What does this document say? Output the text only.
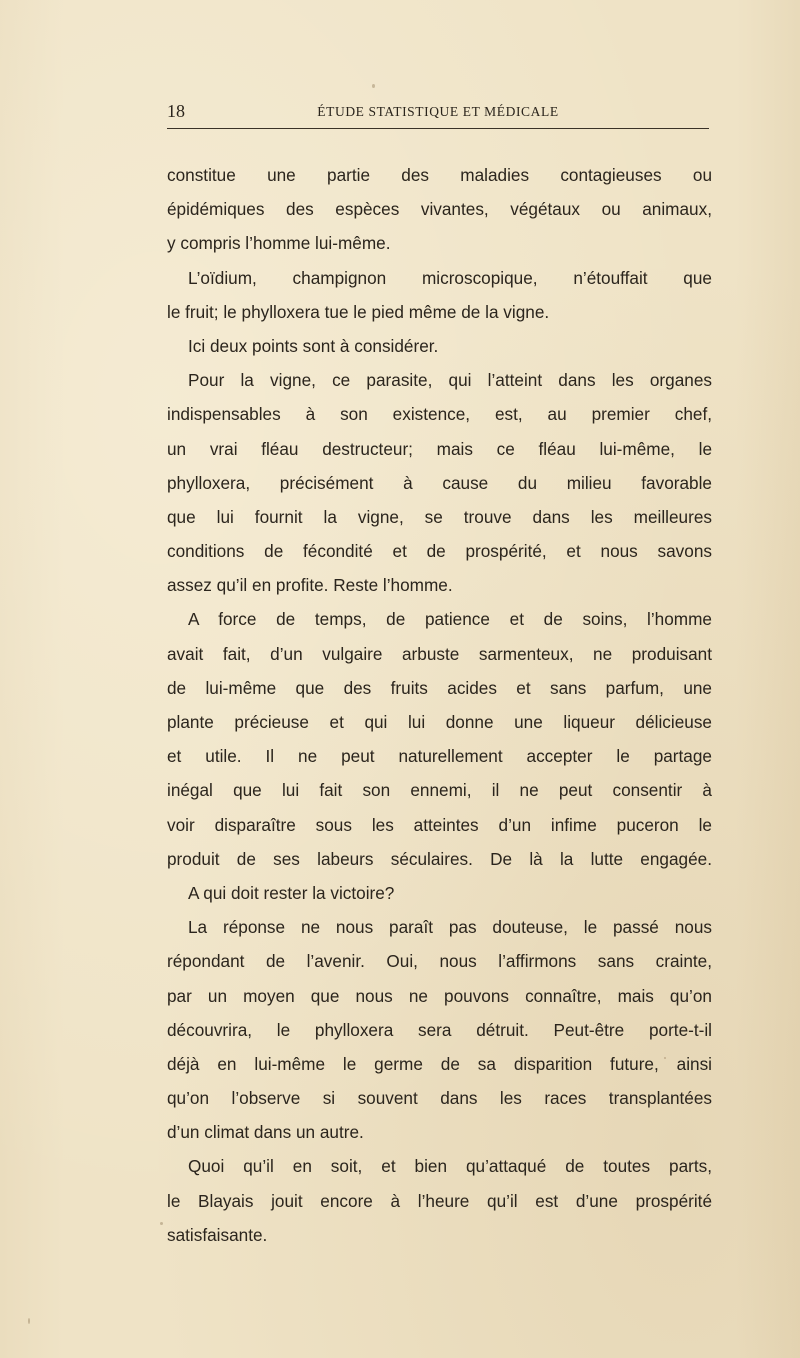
18	ÉTUDE STATISTIQUE ET MÉDICALE
constitue une partie des maladies contagieuses ou
épidémiques des espèces vivantes, végétaux ou animaux,
y compris l’homme lui-même.
L’oïdium, champignon microscopique, n’étouffait que
le fruit; le phylloxera tue le pied même de la vigne.
Ici deux points sont à considérer.
Pour la vigne, ce parasite, qui l’atteint dans les organes
indispensables à son existence, est, au premier chef,
un vrai fléau destructeur; mais ce fléau lui-même, le
phylloxera, précisément à cause du milieu favorable
que lui fournit la vigne, se trouve dans les meilleures
conditions de fécondité et de prospérité, et nous savons
assez qu’il en profite. Reste l’homme.
A force de temps, de patience et de soins, l’homme
avait fait, d’un vulgaire arbuste sarmenteux, ne produisant
de lui-même que des fruits acides et sans parfum, une
plante précieuse et qui lui donne une liqueur délicieuse
et utile. Il ne peut naturellement accepter le partage
inégal que lui fait son ennemi, il ne peut consentir à
voir disparaître sous les atteintes d’un infime puceron le
produit de ses labeurs séculaires. De là la lutte engagée.
A qui doit rester la victoire?
La réponse ne nous paraît pas douteuse, le passé nous
répondant de l’avenir. Oui, nous l’affirmons sans crainte,
par un moyen que nous ne pouvons connaître, mais qu’on
découvrira, le phylloxera sera détruit. Peut-être porte-t-il
déjà en lui-même le germe de sa disparition future, ainsi
qu’on l’observe si souvent dans les races transplantées
d’un climat dans un autre.
Quoi qu’il en soit, et bien qu’attaqué de toutes parts,
le Blayais jouit encore à l’heure qu’il est d’une prospérité
satisfaisante.
